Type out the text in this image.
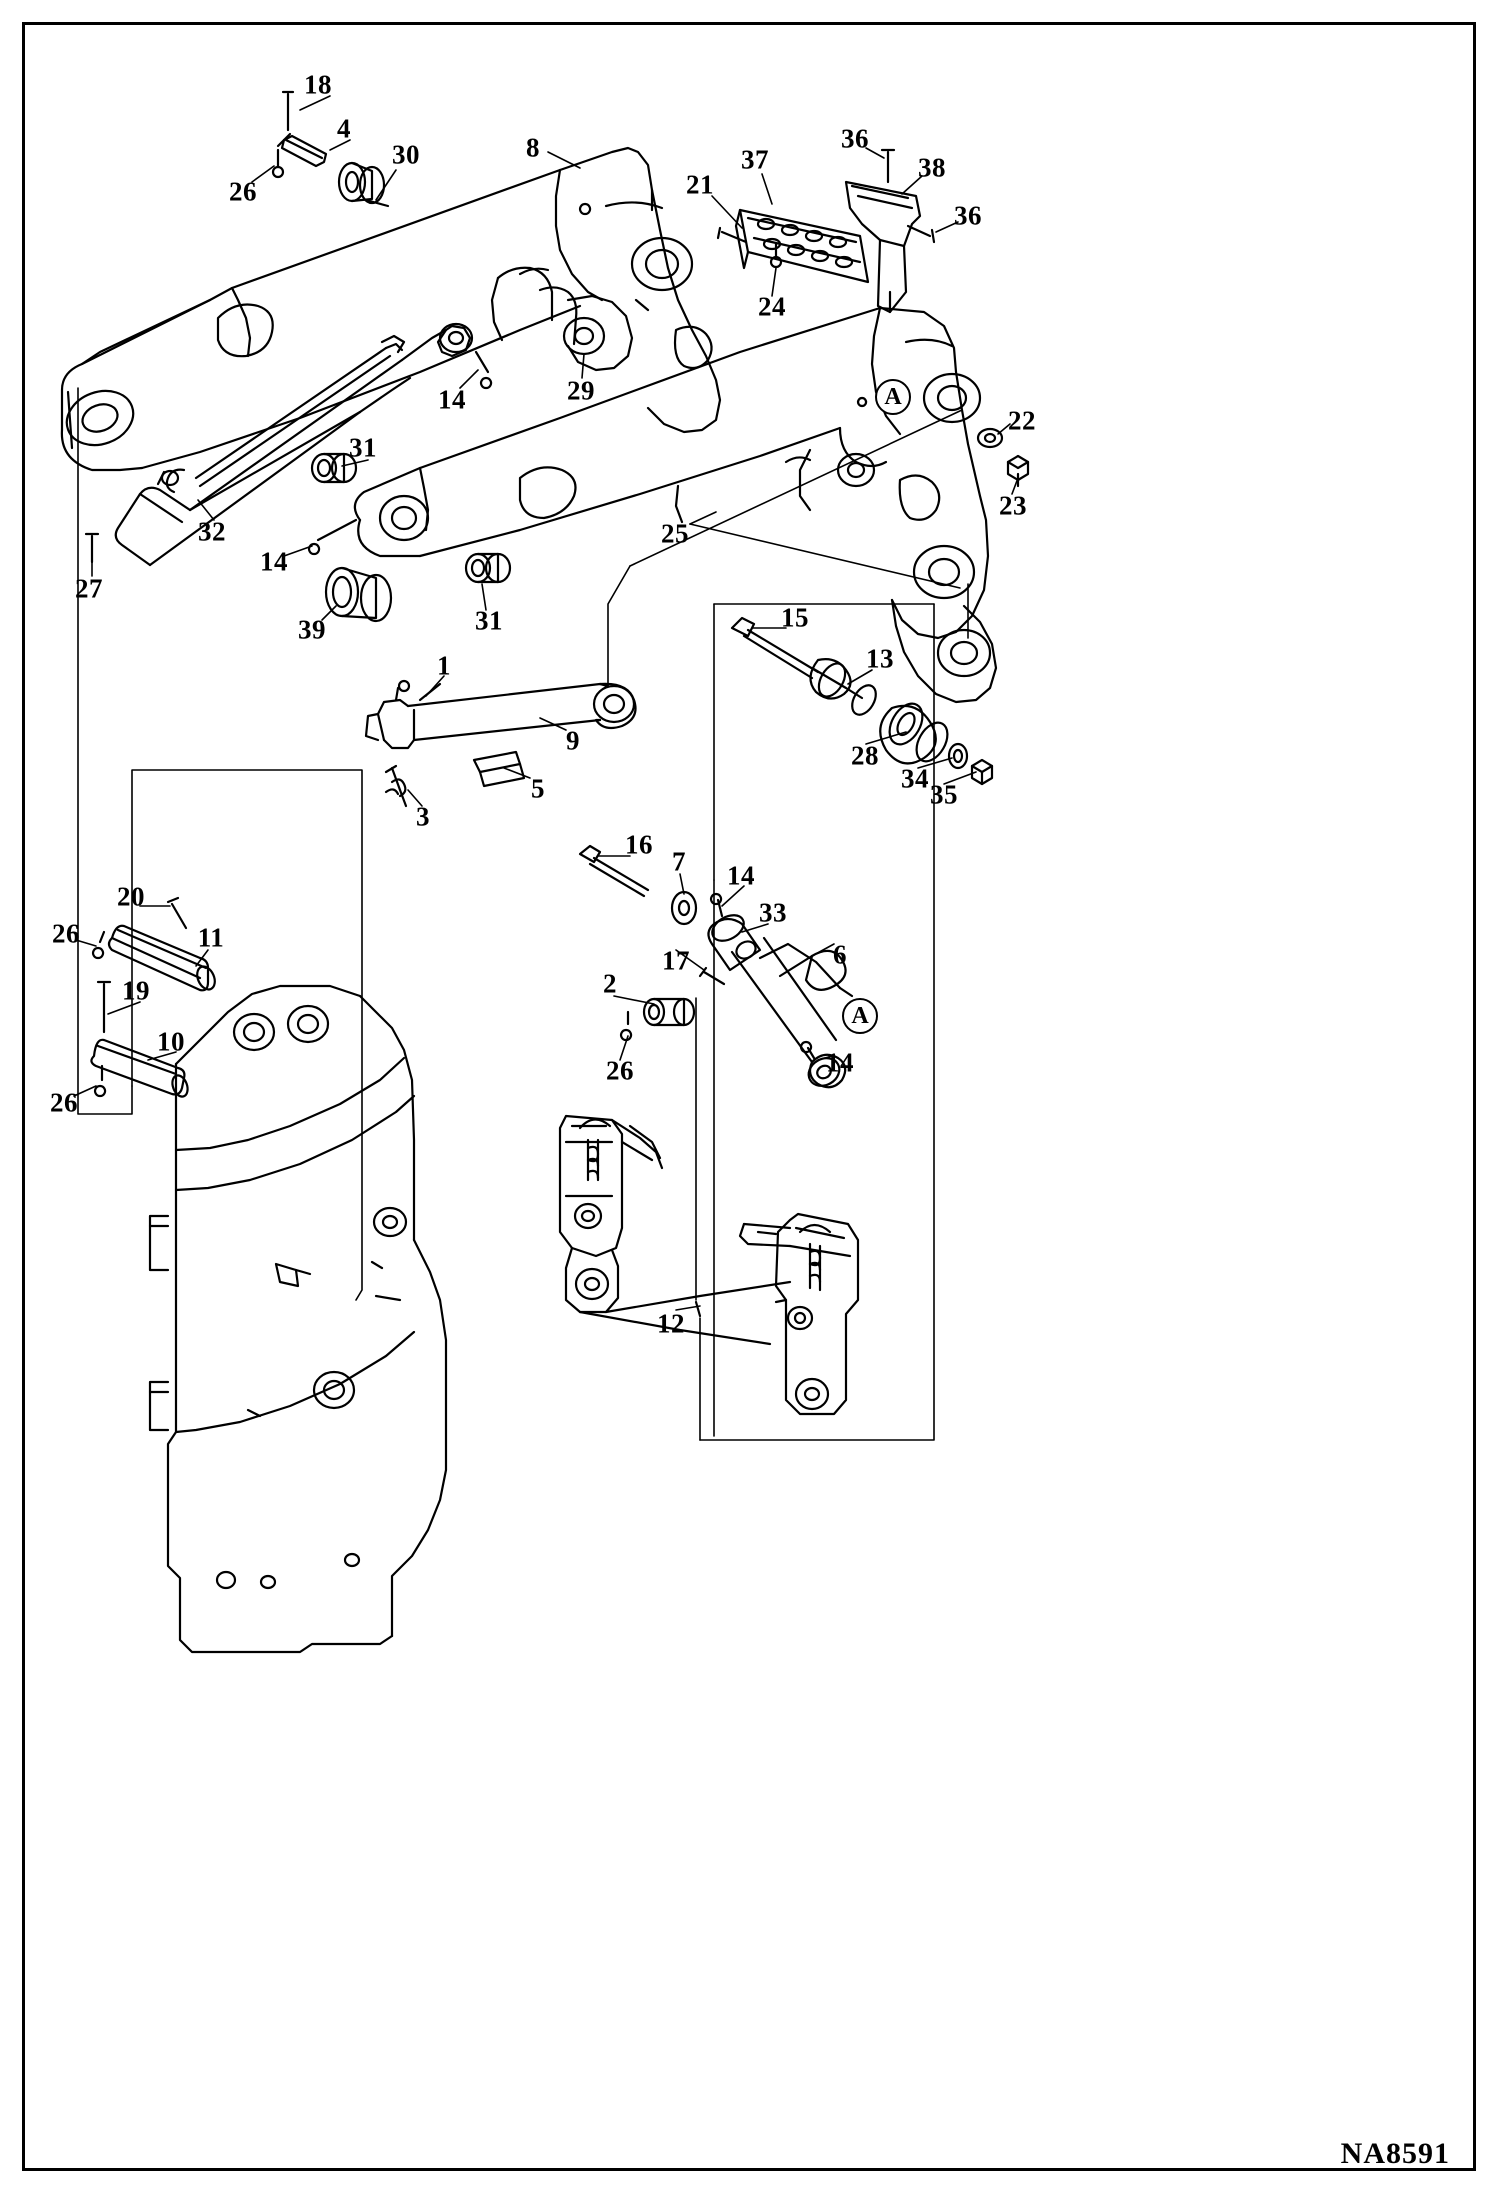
18
4
30	8	37
36
38
21
26
36
24
29
14
22
23
31
25
14
32
31
39
27
15
13
1
9
5
3
28
34
35
16
7 14
33
20
26	11
6
17
2
19
10
26	14
26
12
A
A
NA8591
